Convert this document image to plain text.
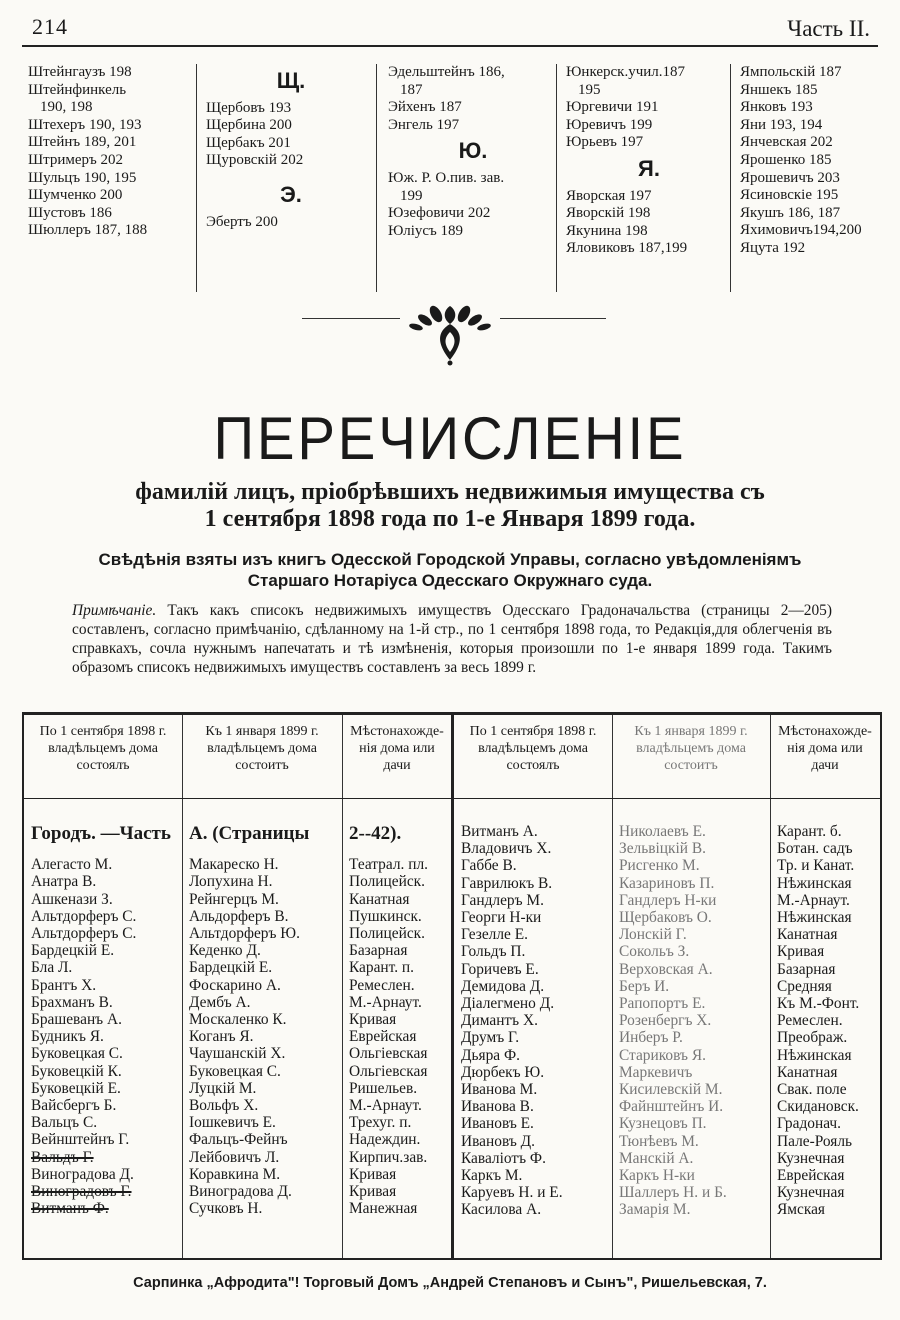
214	Часть II.
Штейнгаузъ 198
Штейнфинкель
190, 198
Штехеръ 190, 193
Штейнъ 189, 201
Штримеръ 202
Шульцъ 190, 195
Шумченко 200
Шустовъ 186
Шюллеръ 187, 188
Щ.
Щербовъ 193
Щербина 200
Щербакъ 201
Щуровскій 202
Э.
Эбертъ 200
Эдельштейнъ 186,
187
Эйхенъ 187
Энгель 197
Ю.
Юж. Р. О.пив. зав.
199
Юзефовичи 202
Юліусъ 189
Юнкерск.учил.187
195
Юргевичи 191
Юревичъ 199
Юрьевъ 197
Я.
Яворская 197
Яворскій 198
Якунина 198
Яловиковъ 187,199
Ямпольскій 187
Яншекъ 185
Янковъ 193
Яни 193, 194
Янчевская 202
Ярошенко 185
Ярошевичъ 203
Ясиновскіе 195
Якушъ 186, 187
Яхимовичъ194,200
Яцута 192
ПЕРЕЧИСЛЕНІЕ
фамилій лицъ, пріобрѣвшихъ недвижимыя имущества съ
1 сентября 1898 года по 1-е Января 1899 года.
Свѣдѣнія взяты изъ книгъ Одесской Городской Управы, согласно увѣдомленіямъ
Старшаго Нотаріуса Одесскаго Окружнаго суда.
Примѣчаніе. Такъ какъ списокъ недвижимыхъ имуществъ Одесскаго Градоначальства (страницы 2—205) составленъ, согласно примѣчанію, сдѣланному на 1-й стр., по 1 сентября 1898 года, то Редакція,для облегченія въ справкахъ, сочла нужнымъ напечатать и тѣ измѣненія, которыя произошли по 1-е января 1899 года. Такимъ образомъ списокъ недвижимыхъ имуществъ составленъ за весь 1899 г.
По 1 сентября 1898 г. владѣльцемъ дома состоялъ
Городъ. —Часть
Алегасто М.
Анатра В.
Ашкенази З.
Альтдорферъ С.
Альтдорферъ С.
Бардецкій Е.
Бла Л.
Брантъ Х.
Брахманъ В.
Брашеванъ А.
Будникъ Я.
Буковецкая С.
Буковецкій К.
Буковецкій Е.
Вайсбергъ Б.
Вальцъ С.
Вейнштейнъ Г.
Вальдъ Г.
Виноградова Д.
Виноградовъ Г.
Витманъ Ф.
Къ 1 января 1899 г. владѣльцемъ дома состоитъ
А. (Страницы
Макареско Н.
Лопухина Н.
Рейнгерцъ М.
Альдорферъ В.
Альтдорферъ Ю.
Кеденко Д.
Бардецкій Е.
Фоскарино А.
Дембъ А.
Москаленко К.
Коганъ Я.
Чаушанскій Х.
Буковецкая С.
Луцкій М.
Вольфъ Х.
Іошкевичъ Е.
Фальцъ-Фейнъ
Лейбовичъ Л.
Коравкина М.
Виноградова Д.
Сучковъ Н.
Мѣстонахожде-нія дома или дачи
2--42).
Театрал. пл.
Полицейск.
Канатная
Пушкинск.
Полицейск.
Базарная
Карант. п.
Ремеслен.
М.-Арнаут.
Кривая
Еврейская
Ольгіевская
Ольгіевская
Ришельев.
М.-Арнаут.
Трехуг. п.
Надеждин.
Кирпич.зав.
Кривая
Кривая
Манежная
По 1 сентября 1898 г. владѣльцемъ дома состоялъ
Витманъ А.
Владовичъ Х.
Габбе В.
Гаврилюкъ В.
Гандлеръ М.
Георги Н-ки
Гезелле Е.
Гольдъ П.
Горичевъ Е.
Демидова Д.
Діалегмено Д.
Димантъ Х.
Друмъ Г.
Дьяра Ф.
Дюрбекъ Ю.
Иванова М.
Иванова В.
Ивановъ Е.
Ивановъ Д.
Каваліотъ Ф.
Каркъ М.
Каруевъ Н. и Е.
Касилова А.
Къ 1 января 1899 г. владѣльцемъ дома состоитъ
Николаевъ Е.
Зельвіцкій В.
Рисгенко М.
Казариновъ П.
Гандлеръ Н-ки
Щербаковъ О.
Лонскій Г.
Сокольъ З.
Верховская А.
Беръ И.
Рапопортъ Е.
Розенбергъ Х.
Инберъ Р.
Стариковъ Я.
Маркевичъ
Кисилевскій М.
Файнштейнъ И.
Кузнецовъ П.
Тюнѣевъ М.
Манскій А.
Каркъ Н-ки
Шаллеръ Н. и Б.
Замарія М.
Мѣстонахожде-нія дома или дачи
Карант. б.
Ботан. садъ
Тр. и Канат.
Нѣжинская
М.-Арнаут.
Нѣжинская
Канатная
Кривая
Базарная
Средняя
Къ М.-Фонт.
Ремеслен.
Преображ.
Нѣжинская
Канатная
Свак. поле
Скидановск.
Градонач.
Пале-Рояль
Кузнечная
Еврейская
Кузнечная
Ямская
Сарпинка „Афродита"! Торговый Домъ „Андрей Степановъ и Сынъ", Ришельевская, 7.
